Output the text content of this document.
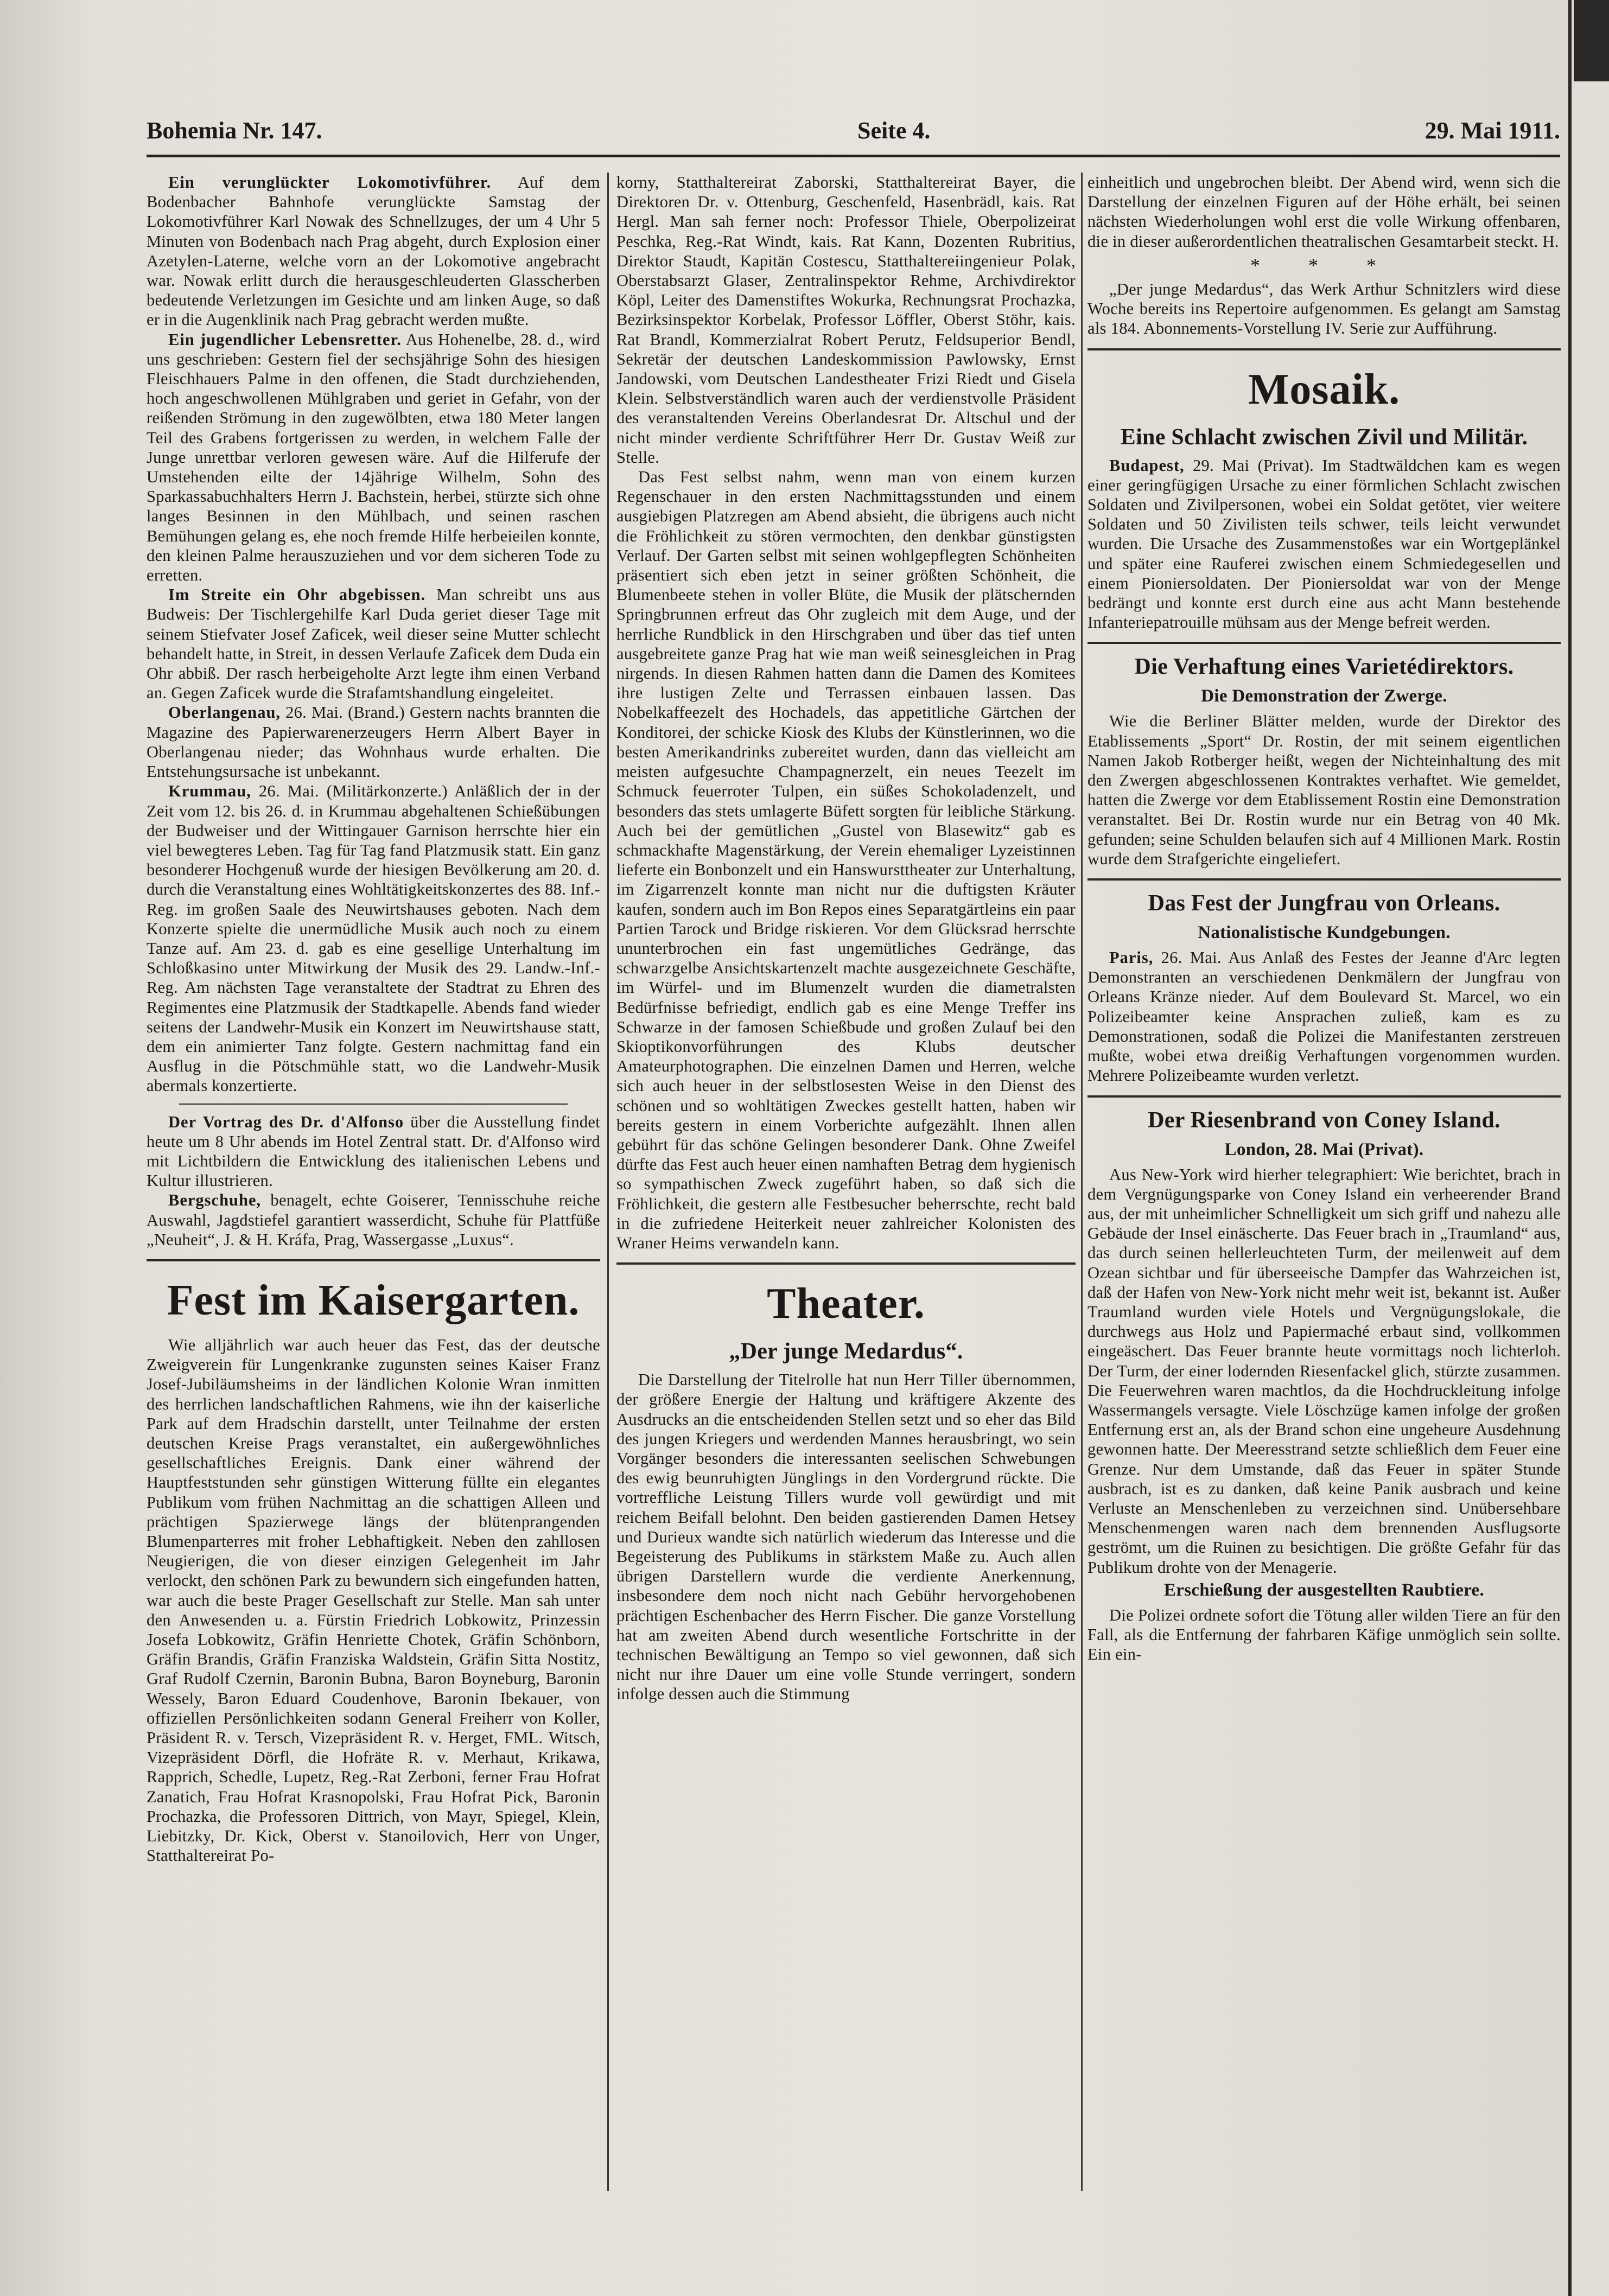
Bohemia Nr. 147.	Seite 4.	29. Mai 1911.

Ein verunglückter Lokomotivführer. Auf dem Bodenbacher Bahnhofe verunglückte Samstag der Lokomotivführer Karl Nowak des Schnellzuges, der um 4 Uhr 5 Minuten von Bodenbach nach Prag abgeht, durch Explosion einer Azetylen-Laterne, welche vorn an der Lokomotive angebracht war. Nowak erlitt durch die herausgeschleuderten Glasscherben bedeutende Verletzungen im Gesichte und am linken Auge, so daß er in die Augenklinik nach Prag gebracht werden mußte.

Ein jugendlicher Lebensretter. Aus Hohenelbe, 28. d., wird uns geschrieben: Gestern fiel der sechsjährige Sohn des hiesigen Fleischhauers Palme in den offenen, die Stadt durchziehenden, hoch angeschwollenen Mühlgraben und geriet in Gefahr, von der reißenden Strömung in den zugewölbten, etwa 180 Meter langen Teil des Grabens fortgerissen zu werden, in welchem Falle der Junge unrettbar verloren gewesen wäre. Auf die Hilferufe der Umstehenden eilte der 14jährige Wilhelm, Sohn des Sparkassabuchhalters Herrn J. Bachstein, herbei, stürzte sich ohne langes Besinnen in den Mühlbach, und seinen raschen Bemühungen gelang es, ehe noch fremde Hilfe herbeieilen konnte, den kleinen Palme herauszuziehen und vor dem sicheren Tode zu erretten.

Im Streite ein Ohr abgebissen. Man schreibt uns aus Budweis: Der Tischlergehilfe Karl Duda geriet dieser Tage mit seinem Stiefvater Josef Zaficek, weil dieser seine Mutter schlecht behandelt hatte, in Streit, in dessen Verlaufe Zaficek dem Duda ein Ohr abbiß. Der rasch herbeigeholte Arzt legte ihm einen Verband an. Gegen Zaficek wurde die Strafamtshandlung eingeleitet.

Oberlangenau, 26. Mai. (Brand.) Gestern nachts brannten die Magazine des Papierwarenerzeugers Herrn Albert Bayer in Oberlangenau nieder; das Wohnhaus wurde erhalten. Die Entstehungsursache ist unbekannt.

Krummau, 26. Mai. (Militärkonzerte.) Anläßlich der in der Zeit vom 12. bis 26. d. in Krummau abgehaltenen Schießübungen der Budweiser und der Wittingauer Garnison herrschte hier ein viel bewegteres Leben. Tag für Tag fand Platzmusik statt. Ein ganz besonderer Hochgenuß wurde der hiesigen Bevölkerung am 20. d. durch die Veranstaltung eines Wohltätigkeitskonzertes des 88. Inf.-Reg. im großen Saale des Neuwirtshauses geboten. Nach dem Konzerte spielte die unermüdliche Musik auch noch zu einem Tanze auf. Am 23. d. gab es eine gesellige Unterhaltung im Schloßkasino unter Mitwirkung der Musik des 29. Landw.-Inf.-Reg. Am nächsten Tage veranstaltete der Stadtrat zu Ehren des Regimentes eine Platzmusik der Stadtkapelle. Abends fand wieder seitens der Landwehr-Musik ein Konzert im Neuwirtshause statt, dem ein animierter Tanz folgte. Gestern nachmittag fand ein Ausflug in die Pötschmühle statt, wo die Landwehr-Musik abermals konzertierte.

Der Vortrag des Dr. d'Alfonso über die Ausstellung findet heute um 8 Uhr abends im Hotel Zentral statt. Dr. d'Alfonso wird mit Lichtbildern die Entwicklung des italienischen Lebens und Kultur illustrieren.

Bergschuhe, benagelt, echte Goiserer, Tennisschuhe reiche Auswahl, Jagdstiefel garantiert wasserdicht, Schuhe für Plattfüße „Neuheit“, J. & H. Kráfa, Prag, Wassergasse „Luxus“.

Fest im Kaisergarten.

Wie alljährlich war auch heuer das Fest, das der deutsche Zweigverein für Lungenkranke zugunsten seines Kaiser Franz Josef-Jubiläumsheims in der ländlichen Kolonie Wran inmitten des herrlichen landschaftlichen Rahmens, wie ihn der kaiserliche Park auf dem Hradschin darstellt, unter Teilnahme der ersten deutschen Kreise Prags veranstaltet, ein außergewöhnliches gesellschaftliches Ereignis. Dank einer während der Hauptfeststunden sehr günstigen Witterung füllte ein elegantes Publikum vom frühen Nachmittag an die schattigen Alleen und prächtigen Spazierwege längs der blütenprangenden Blumenparterres mit froher Lebhaftigkeit. Neben den zahllosen Neugierigen, die von dieser einzigen Gelegenheit im Jahr verlockt, den schönen Park zu bewundern sich eingefunden hatten, war auch die beste Prager Gesellschaft zur Stelle. Man sah unter den Anwesenden u. a. Fürstin Friedrich Lobkowitz, Prinzessin Josefa Lobkowitz, Gräfin Henriette Chotek, Gräfin Schönborn, Gräfin Brandis, Gräfin Franziska Waldstein, Gräfin Sitta Nostitz, Graf Rudolf Czernin, Baronin Bubna, Baron Boyneburg, Baronin Wessely, Baron Eduard Coudenhove, Baronin Ibekauer, von offiziellen Persönlichkeiten sodann General Freiherr von Koller, Präsident R. v. Tersch, Vizepräsident R. v. Herget, FML. Witsch, Vizepräsident Dörfl, die Hofräte R. v. Merhaut, Krikawa, Rapprich, Schedle, Lupetz, Reg.-Rat Zerboni, ferner Frau Hofrat Zanatich, Frau Hofrat Krasnopolski, Frau Hofrat Pick, Baronin Prochazka, die Professoren Dittrich, von Mayr, Spiegel, Klein, Liebitzky, Dr. Kick, Oberst v. Stanoilovich, Herr von Unger, Statthaltereirat Po-

korny, Statthaltereirat Zaborski, Statthaltereirat Bayer, die Direktoren Dr. v. Ottenburg, Geschenfeld, Hasenbrädl, kais. Rat Hergl. Man sah ferner noch: Professor Thiele, Oberpolizeirat Peschka, Reg.-Rat Windt, kais. Rat Kann, Dozenten Rubritius, Direktor Staudt, Kapitän Costescu, Statthaltereiingenieur Polak, Oberstabsarzt Glaser, Zentralinspektor Rehme, Archivdirektor Köpl, Leiter des Damenstiftes Wokurka, Rechnungsrat Prochazka, Bezirksinspektor Korbelak, Professor Löffler, Oberst Stöhr, kais. Rat Brandl, Kommerzialrat Robert Perutz, Feldsuperior Bendl, Sekretär der deutschen Landeskommission Pawlowsky, Ernst Jandowski, vom Deutschen Landestheater Frizi Riedt und Gisela Klein. Selbstverständlich waren auch der verdienstvolle Präsident des veranstaltenden Vereins Oberlandesrat Dr. Altschul und der nicht minder verdiente Schriftführer Herr Dr. Gustav Weiß zur Stelle.

Das Fest selbst nahm, wenn man von einem kurzen Regenschauer in den ersten Nachmittagsstunden und einem ausgiebigen Platzregen am Abend absieht, die übrigens auch nicht die Fröhlichkeit zu stören vermochten, den denkbar günstigsten Verlauf. Der Garten selbst mit seinen wohlgepflegten Schönheiten präsentiert sich eben jetzt in seiner größten Schönheit, die Blumenbeete stehen in voller Blüte, die Musik der plätschernden Springbrunnen erfreut das Ohr zugleich mit dem Auge, und der herrliche Rundblick in den Hirschgraben und über das tief unten ausgebreitete ganze Prag hat wie man weiß seinesgleichen in Prag nirgends. In diesen Rahmen hatten dann die Damen des Komitees ihre lustigen Zelte und Terrassen einbauen lassen. Das Nobelkaffeezelt des Hochadels, das appetitliche Gärtchen der Konditorei, der schicke Kiosk des Klubs der Künstlerinnen, wo die besten Amerikandrinks zubereitet wurden, dann das vielleicht am meisten aufgesuchte Champagnerzelt, ein neues Teezelt im Schmuck feuerroter Tulpen, ein süßes Schokoladenzelt, und besonders das stets umlagerte Büfett sorgten für leibliche Stärkung. Auch bei der gemütlichen „Gustel von Blasewitz“ gab es schmackhafte Magenstärkung, der Verein ehemaliger Lyzeistinnen lieferte ein Bonbonzelt und ein Hanswursttheater zur Unterhaltung, im Zigarrenzelt konnte man nicht nur die duftigsten Kräuter kaufen, sondern auch im Bon Repos eines Separatgärtleins ein paar Partien Tarock und Bridge riskieren. Vor dem Glücksrad herrschte ununterbrochen ein fast ungemütliches Gedränge, das schwarzgelbe Ansichtskartenzelt machte ausgezeichnete Geschäfte, im Würfel- und im Blumenzelt wurden die diametralsten Bedürfnisse befriedigt, endlich gab es eine Menge Treffer ins Schwarze in der famosen Schießbude und großen Zulauf bei den Skioptikonvorführungen des Klubs deutscher Amateurphotographen. Die einzelnen Damen und Herren, welche sich auch heuer in der selbstlosesten Weise in den Dienst des schönen und so wohltätigen Zweckes gestellt hatten, haben wir bereits gestern in einem Vorberichte aufgezählt. Ihnen allen gebührt für das schöne Gelingen besonderer Dank. Ohne Zweifel dürfte das Fest auch heuer einen namhaften Betrag dem hygienisch so sympathischen Zweck zugeführt haben, so daß sich die Fröhlichkeit, die gestern alle Festbesucher beherrschte, recht bald in die zufriedene Heiterkeit neuer zahlreicher Kolonisten des Wraner Heims verwandeln kann.

Theater.
„Der junge Medardus“.

Die Darstellung der Titelrolle hat nun Herr Tiller übernommen, der größere Energie der Haltung und kräftigere Akzente des Ausdrucks an die entscheidenden Stellen setzt und so eher das Bild des jungen Kriegers und werdenden Mannes herausbringt, wo sein Vorgänger besonders die interessanten seelischen Schwebungen des ewig beunruhigten Jünglings in den Vordergrund rückte. Die vortreffliche Leistung Tillers wurde voll gewürdigt und mit reichem Beifall belohnt. Den beiden gastierenden Damen Hetsey und Durieux wandte sich natürlich wiederum das Interesse und die Begeisterung des Publikums in stärkstem Maße zu. Auch allen übrigen Darstellern wurde die verdiente Anerkennung, insbesondere dem noch nicht nach Gebühr hervorgehobenen prächtigen Eschenbacher des Herrn Fischer. Die ganze Vorstellung hat am zweiten Abend durch wesentliche Fortschritte in der technischen Bewältigung an Tempo so viel gewonnen, daß sich nicht nur ihre Dauer um eine volle Stunde verringert, sondern infolge dessen auch die Stimmung

einheitlich und ungebrochen bleibt. Der Abend wird, wenn sich die Darstellung der einzelnen Figuren auf der Höhe erhält, bei seinen nächsten Wiederholungen wohl erst die volle Wirkung offenbaren, die in dieser außerordentlichen theatralischen Gesamtarbeit steckt. H.

* * *

„Der junge Medardus“, das Werk Arthur Schnitzlers wird diese Woche bereits ins Repertoire aufgenommen. Es gelangt am Samstag als 184. Abonnements-Vorstellung IV. Serie zur Aufführung.

Mosaik.
Eine Schlacht zwischen Zivil und Militär.

Budapest, 29. Mai (Privat). Im Stadtwäldchen kam es wegen einer geringfügigen Ursache zu einer förmlichen Schlacht zwischen Soldaten und Zivilpersonen, wobei ein Soldat getötet, vier weitere Soldaten und 50 Zivilisten teils schwer, teils leicht verwundet wurden. Die Ursache des Zusammenstoßes war ein Wortgeplänkel und später eine Rauferei zwischen einem Schmiedegesellen und einem Pioniersoldaten. Der Pioniersoldat war von der Menge bedrängt und konnte erst durch eine aus acht Mann bestehende Infanteriepatrouille mühsam aus der Menge befreit werden.

Die Verhaftung eines Varietédirektors.
Die Demonstration der Zwerge.

Wie die Berliner Blätter melden, wurde der Direktor des Etablissements „Sport“ Dr. Rostin, der mit seinem eigentlichen Namen Jakob Rotberger heißt, wegen der Nichteinhaltung des mit den Zwergen abgeschlossenen Kontraktes verhaftet. Wie gemeldet, hatten die Zwerge vor dem Etablissement Rostin eine Demonstration veranstaltet. Bei Dr. Rostin wurde nur ein Betrag von 40 Mk. gefunden; seine Schulden belaufen sich auf 4 Millionen Mark. Rostin wurde dem Strafgerichte eingeliefert.

Das Fest der Jungfrau von Orleans.
Nationalistische Kundgebungen.

Paris, 26. Mai. Aus Anlaß des Festes der Jeanne d'Arc legten Demonstranten an verschiedenen Denkmälern der Jungfrau von Orleans Kränze nieder. Auf dem Boulevard St. Marcel, wo ein Polizeibeamter keine Ansprachen zuließ, kam es zu Demonstrationen, sodaß die Polizei die Manifestanten zerstreuen mußte, wobei etwa dreißig Verhaftungen vorgenommen wurden. Mehrere Polizeibeamte wurden verletzt.

Der Riesenbrand von Coney Island.
London, 28. Mai (Privat).

Aus New-York wird hierher telegraphiert: Wie berichtet, brach in dem Vergnügungsparke von Coney Island ein verheerender Brand aus, der mit unheimlicher Schnelligkeit um sich griff und nahezu alle Gebäude der Insel einäscherte. Das Feuer brach in „Traumland“ aus, das durch seinen hellerleuchteten Turm, der meilenweit auf dem Ozean sichtbar und für überseeische Dampfer das Wahrzeichen ist, daß der Hafen von New-York nicht mehr weit ist, bekannt ist. Außer Traumland wurden viele Hotels und Vergnügungslokale, die durchwegs aus Holz und Papiermaché erbaut sind, vollkommen eingeäschert. Das Feuer brannte heute vormittags noch lichterloh. Der Turm, der einer lodernden Riesenfackel glich, stürzte zusammen. Die Feuerwehren waren machtlos, da die Hochdruckleitung infolge Wassermangels versagte. Viele Löschzüge kamen infolge der großen Entfernung erst an, als der Brand schon eine ungeheure Ausdehnung gewonnen hatte. Der Meeresstrand setzte schließlich dem Feuer eine Grenze. Nur dem Umstande, daß das Feuer in später Stunde ausbrach, ist es zu danken, daß keine Panik ausbrach und keine Verluste an Menschenleben zu verzeichnen sind. Unübersehbare Menschenmengen waren nach dem brennenden Ausflugsorte geströmt, um die Ruinen zu besichtigen. Die größte Gefahr für das Publikum drohte von der Menagerie.

Erschießung der ausgestellten Raubtiere.

Die Polizei ordnete sofort die Tötung aller wilden Tiere an für den Fall, als die Entfernung der fahrbaren Käfige unmöglich sein sollte. Ein ein-
